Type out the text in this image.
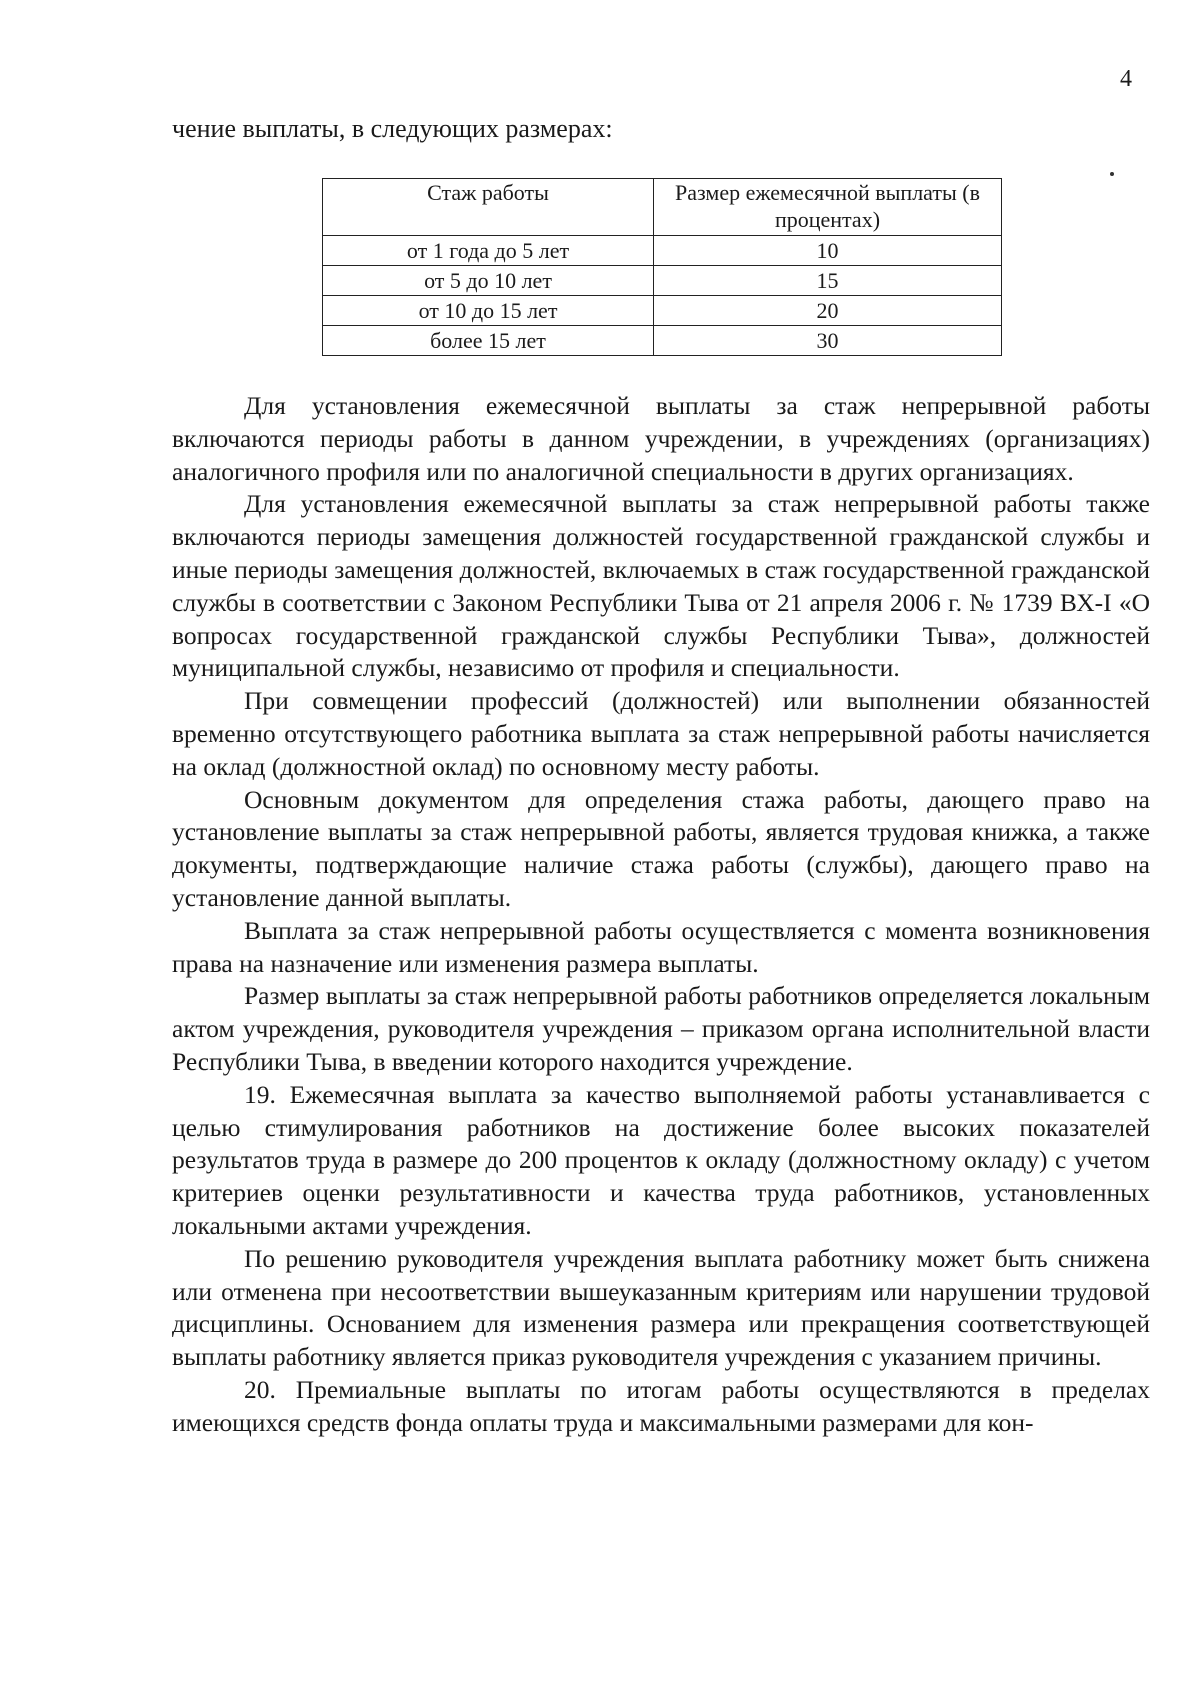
4
чение выплаты, в следующих размерах:
Стаж работы	Размер ежемесячной выплаты (в процентах)
от 1 года до 5 лет	10
от 5 до 10 лет	15
от 10 до 15 лет	20
более 15 лет	30

Для установления ежемесячной выплаты за стаж непрерывной работы включаются периоды работы в данном учреждении, в учреждениях (организациях) аналогичного профиля или по аналогичной специальности в других организациях.

Для установления ежемесячной выплаты за стаж непрерывной работы также включаются периоды замещения должностей государственной гражданской службы и иные периоды замещения должностей, включаемых в стаж государственной гражданской службы в соответствии с Законом Республики Тыва от 21 апреля 2006 г. № 1739 ВХ-I «О вопросах государственной гражданской службы Республики Тыва», должностей муниципальной службы, независимо от профиля и специальности.

При совмещении профессий (должностей) или выполнении обязанностей временно отсутствующего работника выплата за стаж непрерывной работы начисляется на оклад (должностной оклад) по основному месту работы.

Основным документом для определения стажа работы, дающего право на установление выплаты за стаж непрерывной работы, является трудовая книжка, а также документы, подтверждающие наличие стажа работы (службы), дающего право на установление данной выплаты.

Выплата за стаж непрерывной работы осуществляется с момента возникновения права на назначение или изменения размера выплаты.

Размер выплаты за стаж непрерывной работы работников определяется локальным актом учреждения, руководителя учреждения – приказом органа исполнительной власти Республики Тыва, в введении которого находится учреждение.

19. Ежемесячная выплата за качество выполняемой работы устанавливается с целью стимулирования работников на достижение более высоких показателей результатов труда в размере до 200 процентов к окладу (должностному окладу) с учетом критериев оценки результативности и качества труда работников, установленных локальными актами учреждения.

По решению руководителя учреждения выплата работнику может быть снижена или отменена при несоответствии вышеуказанным критериям или нарушении трудовой дисциплины. Основанием для изменения размера или прекращения соответствующей выплаты работнику является приказ руководителя учреждения с указанием причины.

20. Премиальные выплаты по итогам работы осуществляются в пределах имеющихся средств фонда оплаты труда и максимальными размерами для кон-
